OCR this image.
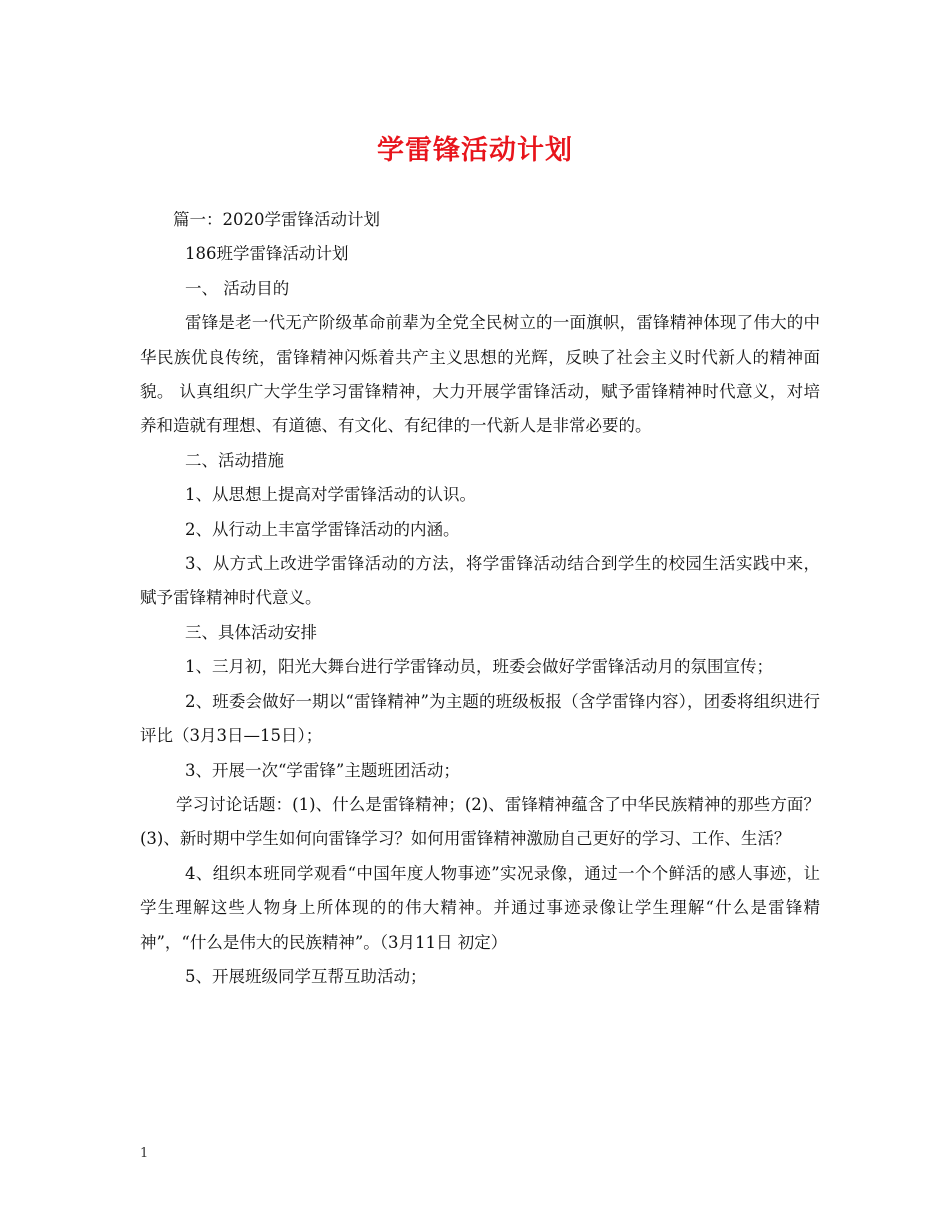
学雷锋活动计划

篇一：2020学雷锋活动计划

186班学雷锋活动计划

一、 活动目的

雷锋是老一代无产阶级革命前辈为全党全民树立的一面旗帜，雷锋精神体现了伟大的中华民族优良传统，雷锋精神闪烁着共产主义思想的光辉，反映了社会主义时代新人的精神面貌。 认真组织广大学生学习雷锋精神，大力开展学雷锋活动，赋予雷锋精神时代意义，对培养和造就有理想、有道德、有文化、有纪律的一代新人是非常必要的。

二、活动措施

1、从思想上提高对学雷锋活动的认识。

2、从行动上丰富学雷锋活动的内涵。

3、从方式上改进学雷锋活动的方法，将学雷锋活动结合到学生的校园生活实践中来，赋予雷锋精神时代意义。

三、具体活动安排

1、三月初，阳光大舞台进行学雷锋动员，班委会做好学雷锋活动月的氛围宣传；

2、班委会做好一期以“雷锋精神”为主题的班级板报（含学雷锋内容），团委将组织进行评比（3月3日—15日）；

3、开展一次“学雷锋”主题班团活动；

学习讨论话题：(1)、什么是雷锋精神；(2)、雷锋精神蕴含了中华民族精神的那些方面？(3)、新时期中学生如何向雷锋学习？如何用雷锋精神激励自己更好的学习、工作、生活？

4、组织本班同学观看“中国年度人物事迹”实况录像，通过一个个鲜活的感人事迹，让学生理解这些人物身上所体现的的伟大精神。并通过事迹录像让学生理解“什么是雷锋精神”，“什么是伟大的民族精神”。（3月11日 初定）

5、开展班级同学互帮互助活动；

1
